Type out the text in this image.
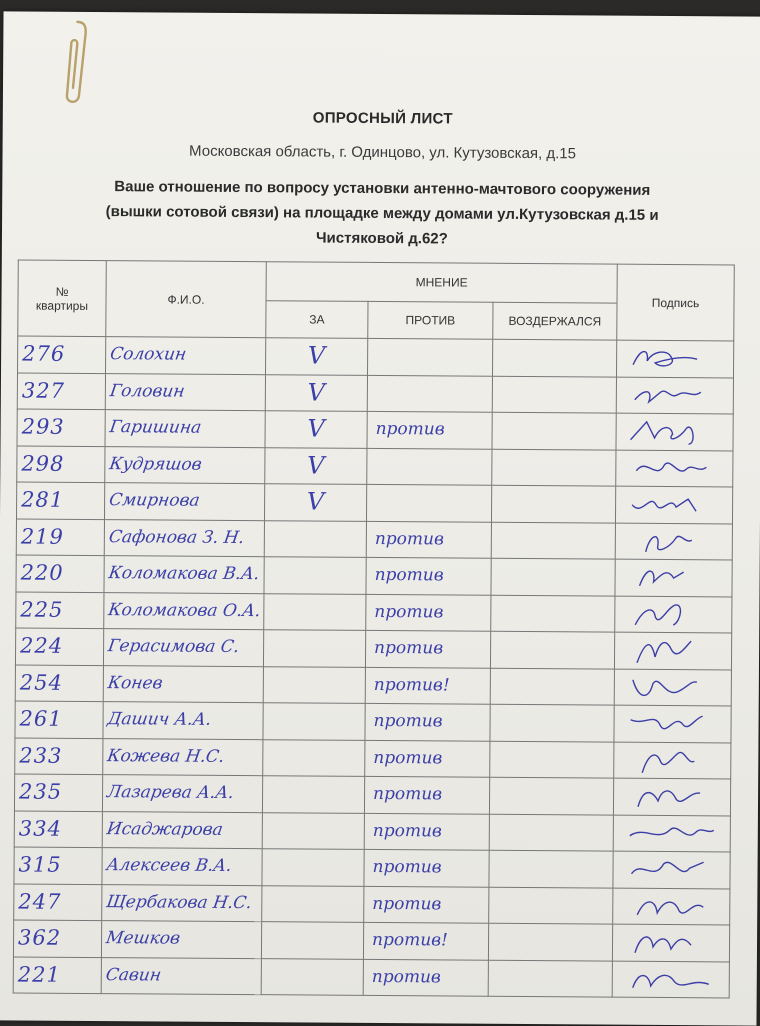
ОПРОСНЫЙ ЛИСТ
Московская область, г. Одинцово, ул. Кутузовская, д.15
Ваше отношение по вопросу установки антенно-мачтового сооружения
(вышки сотовой связи) на площадке между домами ул.Кутузовская д.15 и
Чистяковой д.62?
№
квартиры	Ф.И.О.	МНЕНИЕ			Подпись
		ЗА	ПРОТИВ	ВОЗДЕРЖАЛСЯ	

276	Солохин	V

327	Головин	V

293	Гаришина	V	против

298	Кудряшов	V

281	Смирнова	V

219	Сафонова З. Н.		против

220	Коломакова В.А.		против

225	Коломакова О.А.		против

224	Герасимова С.		против

254	Конев		против!

261	Дашич А.А.		против

233	Кожева Н.С.		против

235	Лазарева А.А.		против

334	Исаджарова		против

315	Алексеев В.А.		против

247	Щербакова Н.С.		против

362	Мешков		против!

221	Савин		против
